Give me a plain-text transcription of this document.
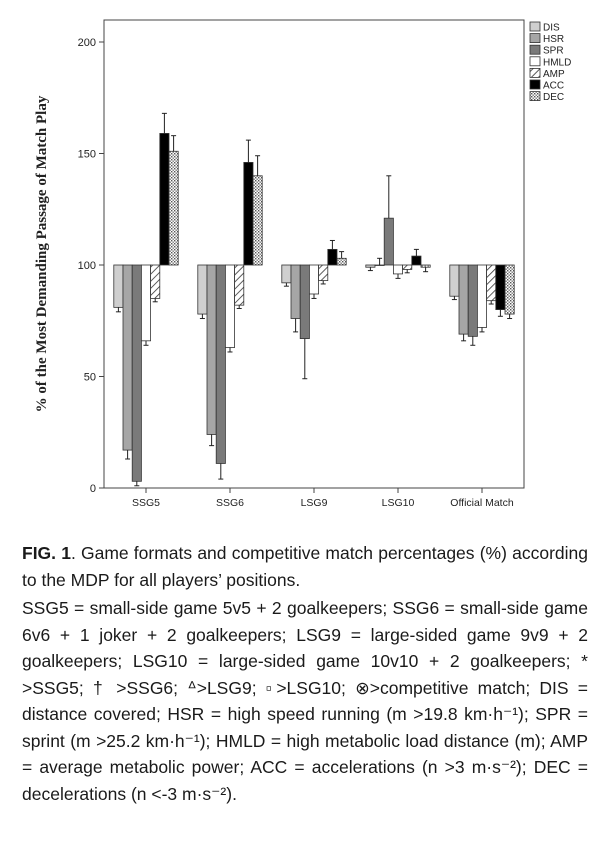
0
50
100
150
200
SSG5	SSG6	LSG9	LSG10	Official Match
DIS
HSR
SPR
HMLD
AMP
ACC
DEC
% of the Most Demanding Passage of Match Play

FIG. 1. Game formats and competitive match percentages (%) according to the MDP for all players’ positions.

SSG5 = small-side game 5v5 + 2 goalkeepers; SSG6 = small-side game 6v6 + 1 joker + 2 goalkeepers; LSG9 = large-sided game 9v9 + 2 goalkeepers; LSG10 = large-sided game 10v10 + 2 goalkeepers; * >SSG5; † >SSG6; ᐞ>LSG9; ▫>LSG10; ⊗>competitive match; DIS = distance covered; HSR = high speed running (m >19.8 km·h⁻¹); SPR = sprint (m >25.2 km·h⁻¹); HMLD = high metabolic load distance (m); AMP = average metabolic power; ACC = accelerations (n >3 m·s⁻²); DEC = decelerations (n <-3 m·s⁻²).
